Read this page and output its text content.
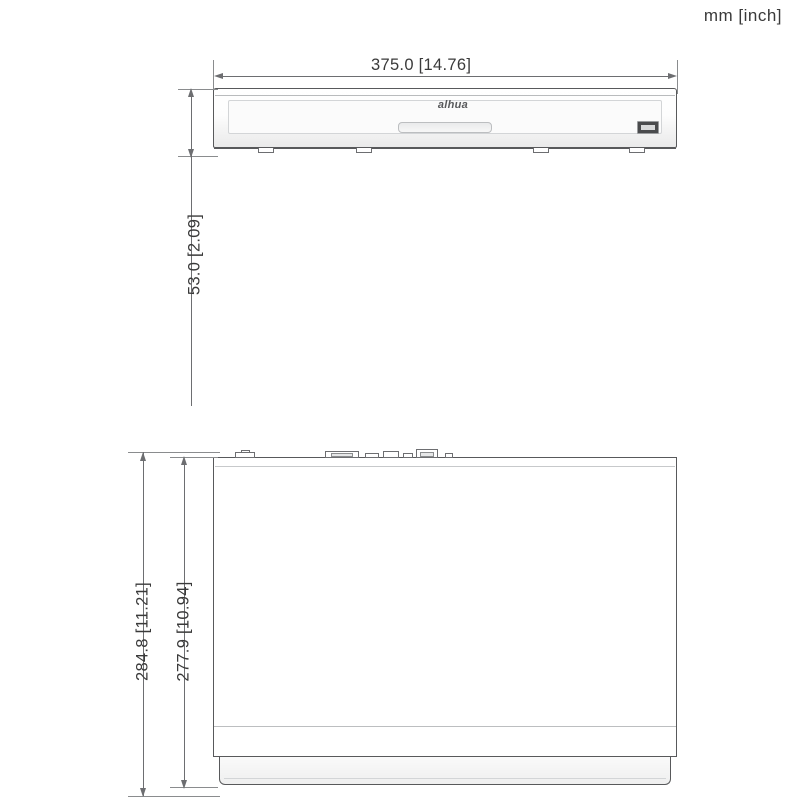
mm [inch]
375.0 [14.76]
alhua
53.0 [2.09]
277.9 [10.94]
284.8 [11.21]
